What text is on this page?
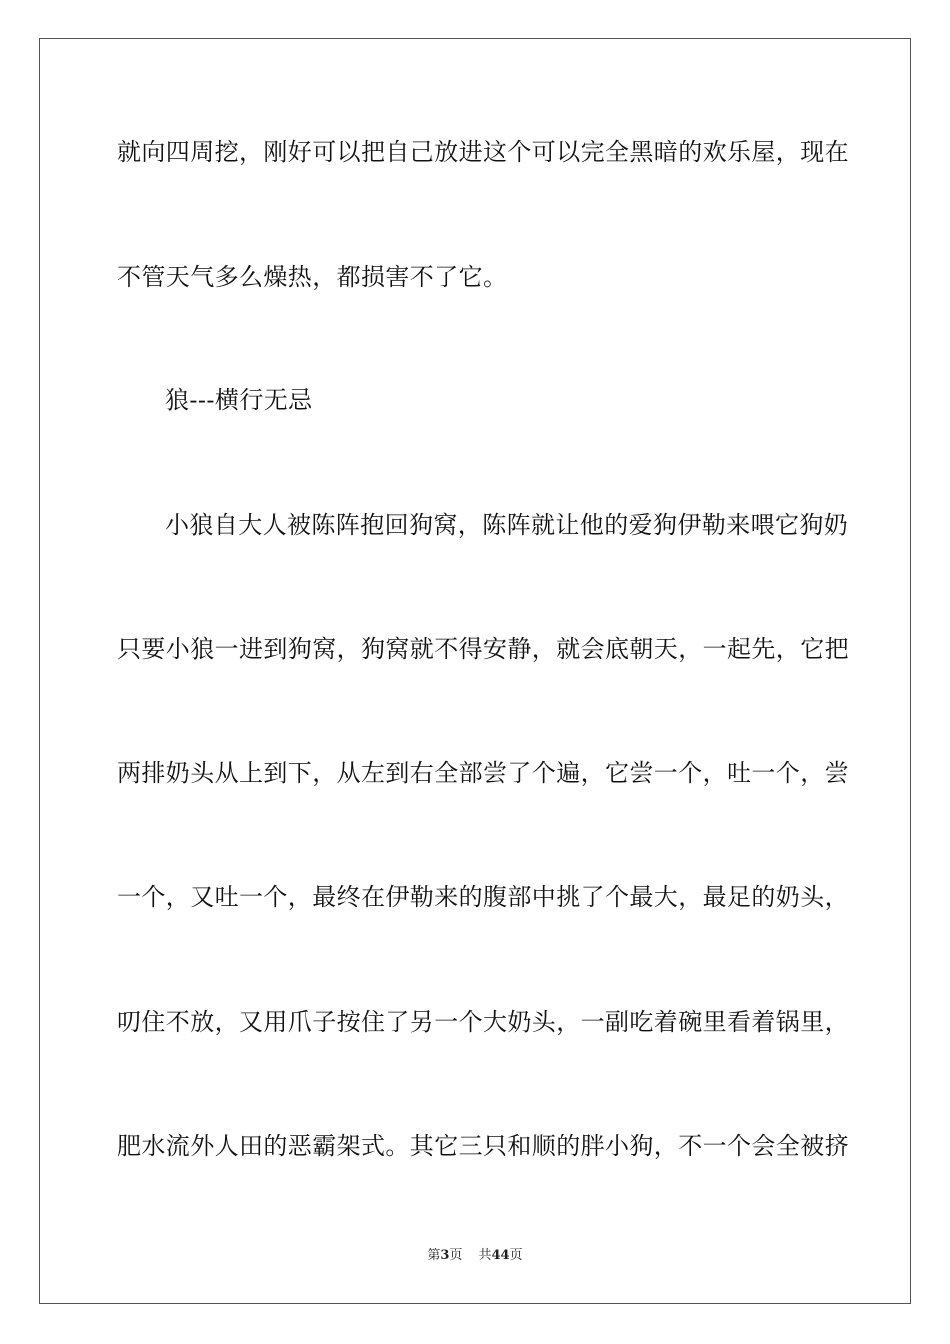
就向四周挖，刚好可以把自己放进这个可以完全黑暗的欢乐屋，现在
不管天气多么燥热，都损害不了它。
狼---横行无忌
小狼自大人被陈阵抱回狗窝，陈阵就让他的爱狗伊勒来喂它狗奶
只要小狼一进到狗窝，狗窝就不得安静，就会底朝天，一起先，它把
两排奶头从上到下，从左到右全部尝了个遍，它尝一个，吐一个，尝
一个，又吐一个，最终在伊勒来的腹部中挑了个最大，最足的奶头，
叨住不放，又用爪子按住了另一个大奶头，一副吃着碗里看着锅里，
肥水流外人田的恶霸架式。其它三只和顺的胖小狗，不一个会全被挤
第3页 共44页
